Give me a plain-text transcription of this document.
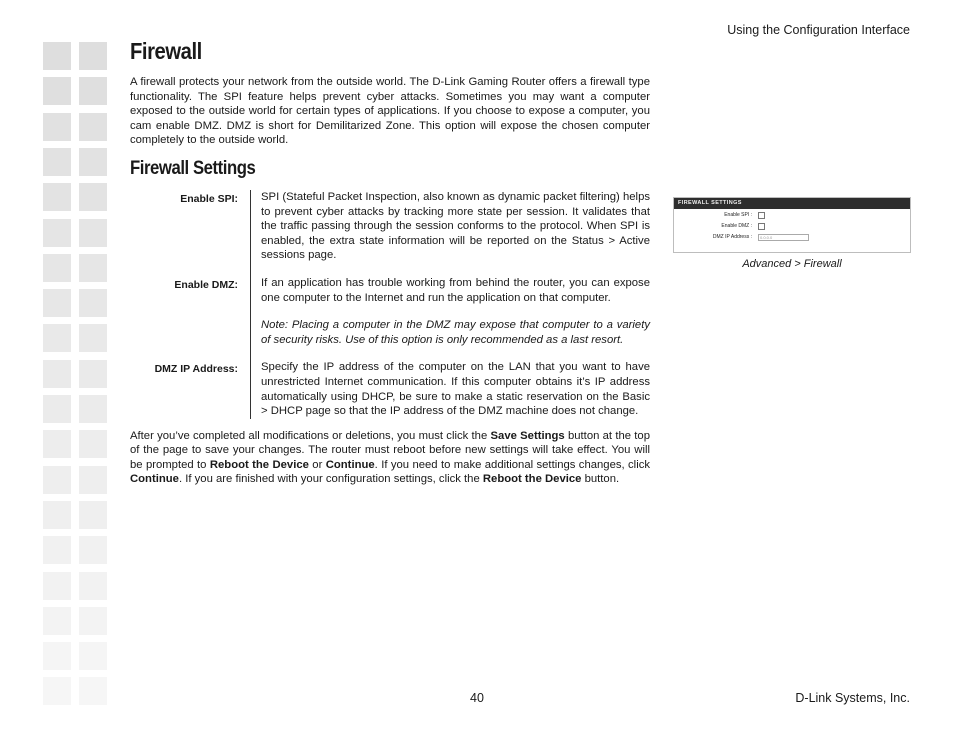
Using the Configuration Interface
Firewall

A firewall protects your network from the outside world. The D-Link Gaming Router offers a firewall type functionality. The SPI feature helps prevent cyber attacks. Sometimes you may want a computer exposed to the outside world for certain types of applications. If you choose to expose a computer, you cam enable DMZ. DMZ is short for Demilitarized Zone. This option will expose the chosen computer completely to the outside world.

Firewall Settings
Enable SPI:	SPI (Stateful Packet Inspection, also known as dynamic packet filtering) helps to prevent cyber attacks by tracking more state per session. It validates that the traffic passing through the session conforms to the protocol. When SPI is enabled, the extra state information will be reported on the Status > Active sessions page.

Enable DMZ:	If an application has trouble working from behind the router, you can expose one computer to the Internet and run the application on that computer.

Note: Placing a computer in the DMZ may expose that computer to a variety of security risks. Use of this option is only recommended as a last resort.

DMZ IP Address:	Specify the IP address of the computer on the LAN that you want to have unrestricted Internet communication. If this computer obtains it’s IP address automatically using DHCP, be sure to make a static reservation on the Basic > DHCP page so that the IP address of the DMZ machine does not change.

After you’ve completed all modifications or deletions, you must click the Save Settings button at the top of the page to save your changes. The router must reboot before new settings will take effect. You will be prompted to Reboot the Device or Continue. If you need to make additional settings changes, click Continue. If you are finished with your configuration settings, click the Reboot the Device button.

FIREWALL SETTINGS
Enable SPI :
Enable DMZ :
DMZ IP Address :	0.0.0.0
Advanced > Firewall
40	D-Link Systems, Inc.
